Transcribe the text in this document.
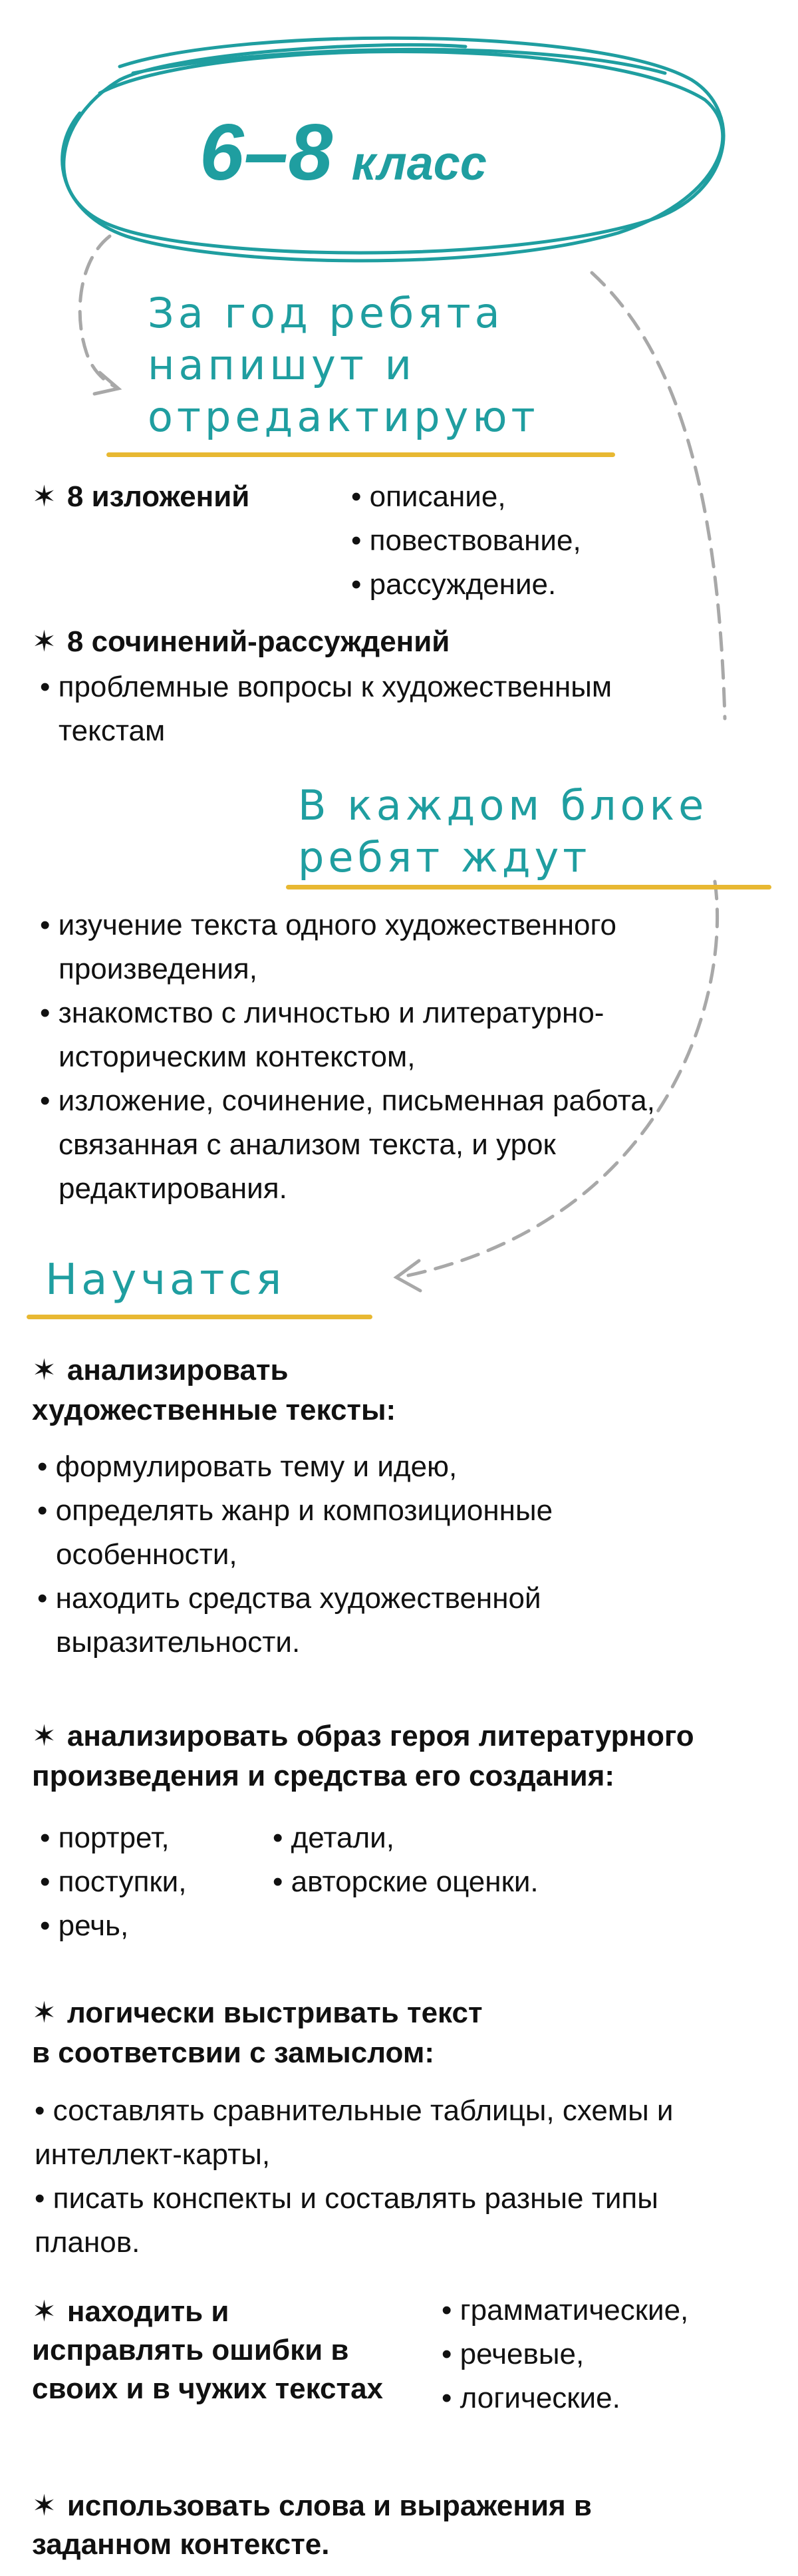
6–8 класс
За год ребята
напишут и
отредактируют
✶ 8 изложений	• описание,
• повествование,
• рассуждение.
✶ 8 сочинений-рассуждений
• проблемные вопросы к художественным
текстам
В каждом блоке
ребят ждут
• изучение текста одного художественного
произведения,
• знакомство с личностью и литературно-
историческим контекстом,
• изложение, сочинение, письменная работа,
связанная с анализом текста, и урок
редактирования.
Научатся
✶ анализировать
художественные тексты:
• формулировать тему и идею,
• определять жанр и композиционные
особенности,
• находить средства художественной
выразительности.
✶ анализировать образ героя литературного
произведения и средства его создания:
• портрет,
• поступки,
• речь,
• детали,
• авторские оценки.
✶ логически выстривать текст
в соответсвии с замыслом:
• составлять сравнительные таблицы, схемы и
интеллект-карты,
• писать конспекты и составлять разные типы
планов.
✶ находить и
исправлять ошибки в
своих и в чужих текстах
• грамматические,
• речевые,
• логические.
✶ использовать слова и выражения в
заданном контексте.
